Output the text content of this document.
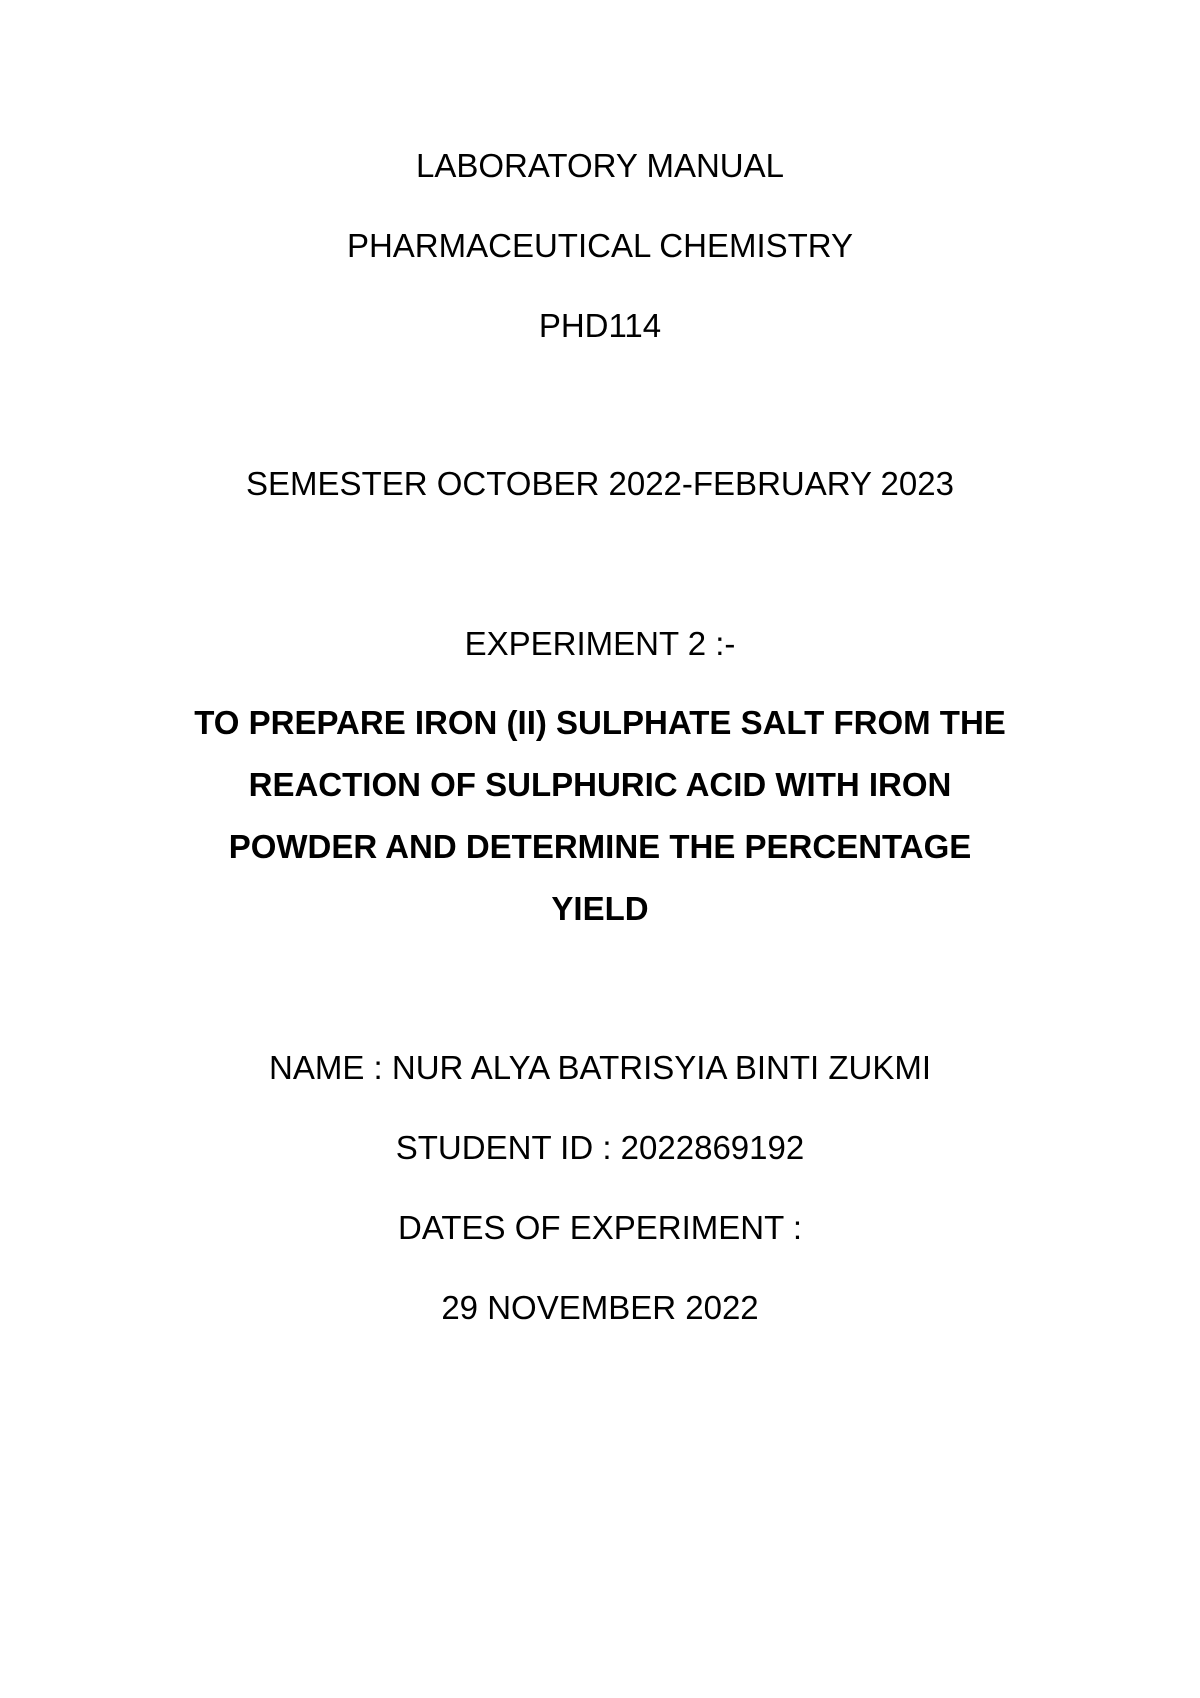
LABORATORY MANUAL
PHARMACEUTICAL CHEMISTRY
PHD114
SEMESTER OCTOBER 2022-FEBRUARY 2023
EXPERIMENT 2 :-
TO PREPARE IRON (II) SULPHATE SALT FROM THE
REACTION OF SULPHURIC ACID WITH IRON
POWDER AND DETERMINE THE PERCENTAGE
YIELD
NAME : NUR ALYA BATRISYIA BINTI ZUKMI
STUDENT ID : 2022869192
DATES OF EXPERIMENT :
29 NOVEMBER 2022
